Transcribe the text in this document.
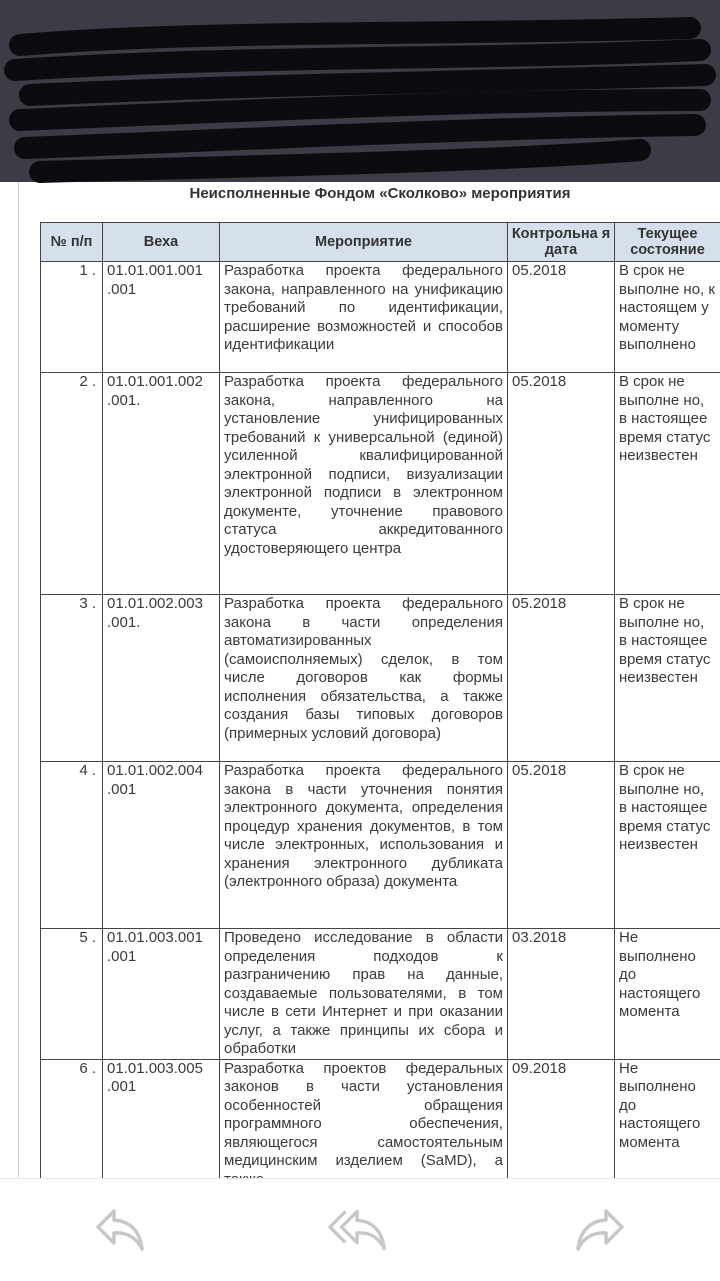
Неисполненные Фондом «Сколково» мероприятия
№ п/п	Веха	Мероприятие	Контрольна я дата	Текущее состояние
1 .	01.01.001.001 .001	Разработка проекта федерального закона, направленного на унификацию требований по идентификации, расширение возможностей и способов идентификации	05.2018	В срок не выполне но, к настоящем у моменту выполнено
2 .	01.01.001.002 .001.	Разработка проекта федерального закона, направленного на установление унифицированных требований к универсальной (единой) усиленной квалифицированной электронной подписи, визуализации электронной подписи в электронном документе, уточнение правового статуса аккредитованного удостоверяющего центра	05.2018	В срок не выполне но, в настоящее время статус неизвестен
3 .	01.01.002.003 .001.	Разработка проекта федерального закона в части определения автоматизированных (самоисполняемых) сделок, в том числе договоров как формы исполнения обязательства, а также создания базы типовых договоров (примерных условий договора)	05.2018	В срок не выполне но, в настоящее время статус неизвестен
4 .	01.01.002.004 .001	Разработка проекта федерального закона в части уточнения понятия электронного документа, определения процедур хранения документов, в том числе электронных, использования и хранения электронного дубликата (электронного образа) документа	05.2018	В срок не выполне но, в настоящее время статус неизвестен
5 .	01.01.003.001 .001	Проведено исследование в области определения подходов к разграничению прав на данные, создаваемые пользователями, в том числе в сети Интернет и при оказании услуг, а также принципы их сбора и обработки	03.2018	Не выполнено до настоящего момента
6 .	01.01.003.005 .001	Разработка проектов федеральных законов в части установления особенностей обращения программного обеспечения, являющегося самостоятельным медицинским изделием (SaMD), а	09.2018	Не выполнено до настоящего момента
